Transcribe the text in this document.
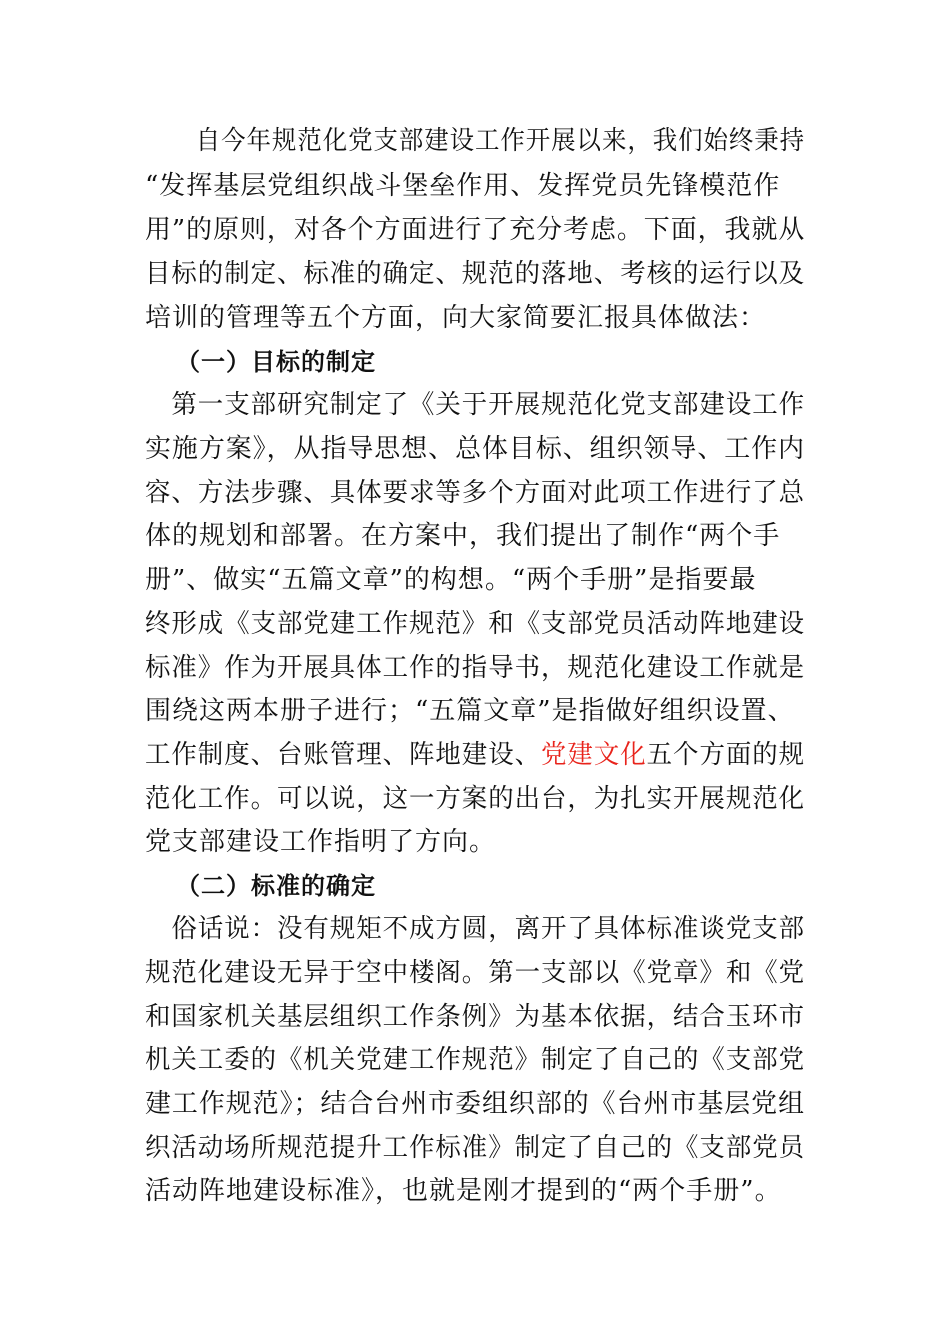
　　自今年规范化党支部建设工作开展以来，我们始终秉持
“发挥基层党组织战斗堡垒作用、发挥党员先锋模范作
用”的原则，对各个方面进行了充分考虑。下面，我就从
目标的制定、标准的确定、规范的落地、考核的运行以及
培训的管理等五个方面，向大家简要汇报具体做法：
（一）目标的制定
　第一支部研究制定了《关于开展规范化党支部建设工作
实施方案》，从指导思想、总体目标、组织领导、工作内
容、方法步骤、具体要求等多个方面对此项工作进行了总
体的规划和部署。在方案中，我们提出了制作“两个手
册”、做实“五篇文章”的构想。“两个手册”是指要最
终形成《支部党建工作规范》和《支部党员活动阵地建设
标准》作为开展具体工作的指导书，规范化建设工作就是
围绕这两本册子进行；“五篇文章”是指做好组织设置、
工作制度、台账管理、阵地建设、党建文化五个方面的规
范化工作。可以说，这一方案的出台，为扎实开展规范化
党支部建设工作指明了方向。
（二）标准的确定
　俗话说：没有规矩不成方圆，离开了具体标准谈党支部
规范化建设无异于空中楼阁。第一支部以《党章》和《党
和国家机关基层组织工作条例》为基本依据，结合玉环市
机关工委的《机关党建工作规范》制定了自己的《支部党
建工作规范》；结合台州市委组织部的《台州市基层党组
织活动场所规范提升工作标准》制定了自己的《支部党员
活动阵地建设标准》，也就是刚才提到的“两个手册”。
